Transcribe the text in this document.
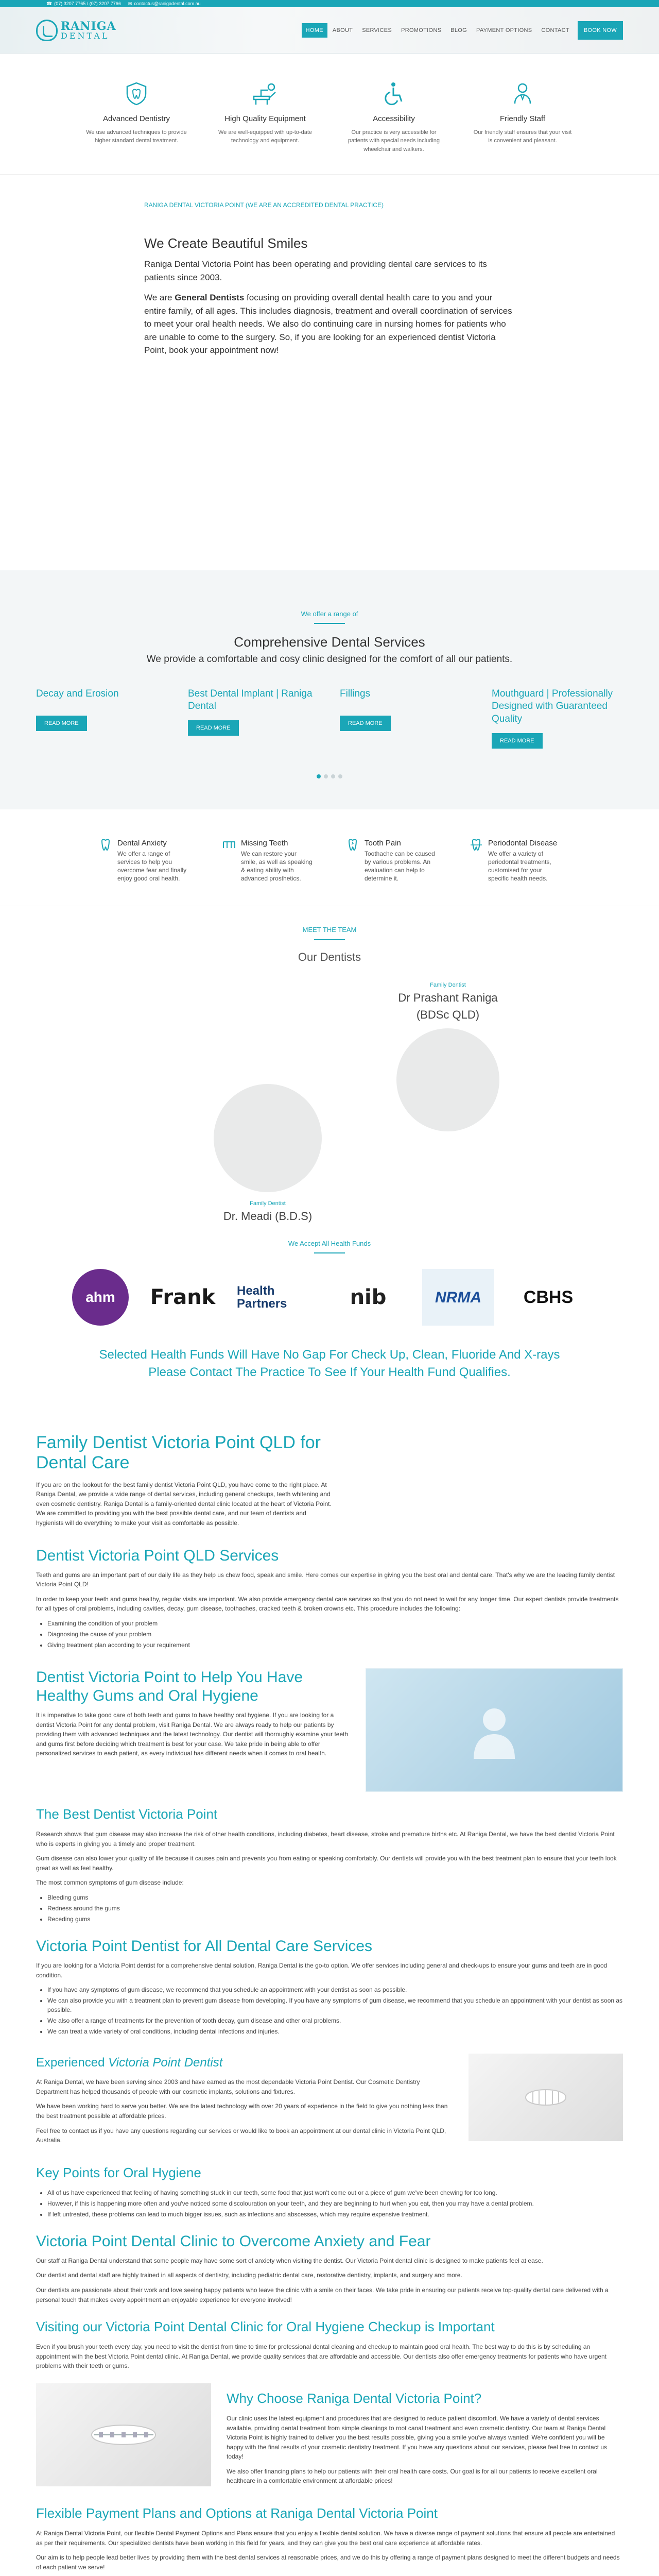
☎ (07) 3207 7765 / (07) 3207 7766 ✉ contactus@ranigadental.com.au
RANIGA
DENTAL
HOME	ABOUT	SERVICES	PROMOTIONS	BLOG	PAYMENT OPTIONS	CONTACT	BOOK NOW
Advanced Dentistry

We use advanced techniques to provide higher standard dental treatment.

High Quality Equipment

We are well-equipped with up-to-date technology and equipment.

Accessibility

Our practice is very accessible for patients with special needs including wheelchair and walkers.

Friendly Staff

Our friendly staff ensures that your visit is convenient and pleasant.

RANIGA DENTAL VICTORIA POINT (WE ARE AN ACCREDITED DENTAL PRACTICE)
We Create Beautiful Smiles

Raniga Dental Victoria Point has been operating and providing dental care services to its patients since 2003.

We are General Dentists focusing on providing overall dental health care to you and your entire family, of all ages. This includes diagnosis, treatment and overall coordination of services to meet your oral health needs. We also do continuing care in nursing homes for patients who are unable to come to the surgery. So, if you are looking for an experienced dentist Victoria Point, book your appointment now!

We offer a range of
Comprehensive Dental Services
We provide a comfortable and cosy clinic designed for the comfort of all our patients.
Decay and Erosion
READ MORE
Best Dental Implant | Raniga Dental
READ MORE
Fillings
READ MORE
Mouthguard | Professionally Designed with Guaranteed Quality
READ MORE
Dental Anxiety

We offer a range of services to help you overcome fear and finally enjoy good oral health.

Missing Teeth

We can restore your smile, as well as speaking & eating ability with advanced prosthetics.

Tooth Pain

Toothache can be caused by various problems. An evaluation can help to determine it.

Periodontal Disease

We offer a variety of periodontal treatments, customised for your specific health needs.

MEET THE TEAM
Our Dentists
Family Dentist
Dr Prashant Raniga
(BDSc QLD)
Family Dentist
Dr. Meadi (B.D.S)
We Accept All Health Funds
ahm	Frank	Health Partners	nib	NRMA	CBHS
Selected Health Funds Will Have No Gap For Check Up, Clean, Fluoride And X-rays
Please Contact The Practice To See If Your Health Fund Qualifies.
Family Dentist Victoria Point QLD for Dental Care

If you are on the lookout for the best family dentist Victoria Point QLD, you have come to the right place. At Raniga Dental, we provide a wide range of dental services, including general checkups, teeth whitening and even cosmetic dentistry. Raniga Dental is a family-oriented dental clinic located at the heart of Victoria Point. We are committed to providing you with the best possible dental care, and our team of dentists and hygienists will do everything to make your visit as comfortable as possible.

Dentist Victoria Point QLD Services

Teeth and gums are an important part of our daily life as they help us chew food, speak and smile. Here comes our expertise in giving you the best oral and dental care. That's why we are the leading family dentist Victoria Point QLD!

In order to keep your teeth and gums healthy, regular visits are important. We also provide emergency dental care services so that you do not need to wait for any longer time. Our expert dentists provide treatments for all types of oral problems, including cavities, decay, gum disease, toothaches, cracked teeth & broken crowns etc. This procedure includes the following:

• Examining the condition of your problem
• Diagnosing the cause of your problem
• Giving treatment plan according to your requirement
Dentist Victoria Point to Help You Have Healthy Gums and Oral Hygiene

It is imperative to take good care of both teeth and gums to have healthy oral hygiene. If you are looking for a dentist Victoria Point for any dental problem, visit Raniga Dental. We are always ready to help our patients by providing them with advanced techniques and the latest technology. Our dentist will thoroughly examine your teeth and gums first before deciding which treatment is best for your case. We take pride in being able to offer personalized services to each patient, as every individual has different needs when it comes to oral health.

The Best Dentist Victoria Point

Research shows that gum disease may also increase the risk of other health conditions, including diabetes, heart disease, stroke and premature births etc. At Raniga Dental, we have the best dentist Victoria Point who is experts in giving you a timely and proper treatment.

Gum disease can also lower your quality of life because it causes pain and prevents you from eating or speaking comfortably. Our dentists will provide you with the best treatment plan to ensure that your teeth look great as well as feel healthy.

The most common symptoms of gum disease include:

• Bleeding gums
• Redness around the gums
• Receding gums
Victoria Point Dentist for All Dental Care Services

If you are looking for a Victoria Point dentist for a comprehensive dental solution, Raniga Dental is the go-to option. We offer services including general and check-ups to ensure your gums and teeth are in good condition.

• If you have any symptoms of gum disease, we recommend that you schedule an appointment with your dentist as soon as possible.
• We can also provide you with a treatment plan to prevent gum disease from developing. If you have any symptoms of gum disease, we recommend that you schedule an appointment with your dentist as soon as possible.
• We also offer a range of treatments for the prevention of tooth decay, gum disease and other oral problems.
• We can treat a wide variety of oral conditions, including dental infections and injuries.
Experienced Victoria Point Dentist

At Raniga Dental, we have been serving since 2003 and have earned as the most dependable Victoria Point Dentist. Our Cosmetic Dentistry Department has helped thousands of people with our cosmetic implants, solutions and fixtures.

We have been working hard to serve you better. We are the latest technology with over 20 years of experience in the field to give you nothing less than the best treatment possible at affordable prices.

Feel free to contact us if you have any questions regarding our services or would like to book an appointment at our dental clinic in Victoria Point QLD, Australia.

Key Points for Oral Hygiene
• All of us have experienced that feeling of having something stuck in our teeth, some food that just won't come out or a piece of gum we've been chewing for too long.
• However, if this is happening more often and you've noticed some discolouration on your teeth, and they are beginning to hurt when you eat, then you may have a dental problem.
• If left untreated, these problems can lead to much bigger issues, such as infections and abscesses, which may require expensive treatment.
Victoria Point Dental Clinic to Overcome Anxiety and Fear

Our staff at Raniga Dental understand that some people may have some sort of anxiety when visiting the dentist. Our Victoria Point dental clinic is designed to make patients feel at ease.

Our dentist and dental staff are highly trained in all aspects of dentistry, including pediatric dental care, restorative dentistry, implants, and surgery and more.

Our dentists are passionate about their work and love seeing happy patients who leave the clinic with a smile on their faces. We take pride in ensuring our patients receive top-quality dental care delivered with a personal touch that makes every appointment an enjoyable experience for everyone involved!

Visiting our Victoria Point Dental Clinic for Oral Hygiene Checkup is Important

Even if you brush your teeth every day, you need to visit the dentist from time to time for professional dental cleaning and checkup to maintain good oral health. The best way to do this is by scheduling an appointment with the best Victoria Point dental clinic. At Raniga Dental, we provide quality services that are affordable and accessible. Our dentists also offer emergency treatments for patients who have urgent problems with their teeth or gums.

Why Choose Raniga Dental Victoria Point?

Our clinic uses the latest equipment and procedures that are designed to reduce patient discomfort. We have a variety of dental services available, providing dental treatment from simple cleanings to root canal treatment and even cosmetic dentistry. Our team at Raniga Dental Victoria Point is highly trained to deliver you the best results possible, giving you a smile you've always wanted! We're confident you will be happy with the final results of your cosmetic dentistry treatment. If you have any questions about our services, please feel free to contact us today!

We also offer financing plans to help our patients with their oral health care costs. Our goal is for all our patients to receive excellent oral healthcare in a comfortable environment at affordable prices!

Flexible Payment Plans and Options at Raniga Dental Victoria Point

At Raniga Dental Victoria Point, our flexible Dental Payment Options and Plans ensure that you enjoy a flexible dental solution. We have a diverse range of payment solutions that ensure all people are entertained as per their requirements. Our specialized dentists have been working in this field for years, and they can give you the best oral care experience at affordable rates.

Our aim is to help people lead better lives by providing them with the best dental services at reasonable prices, and we do this by offering a range of payment plans designed to meet the different budgets and needs of each patient we serve!
